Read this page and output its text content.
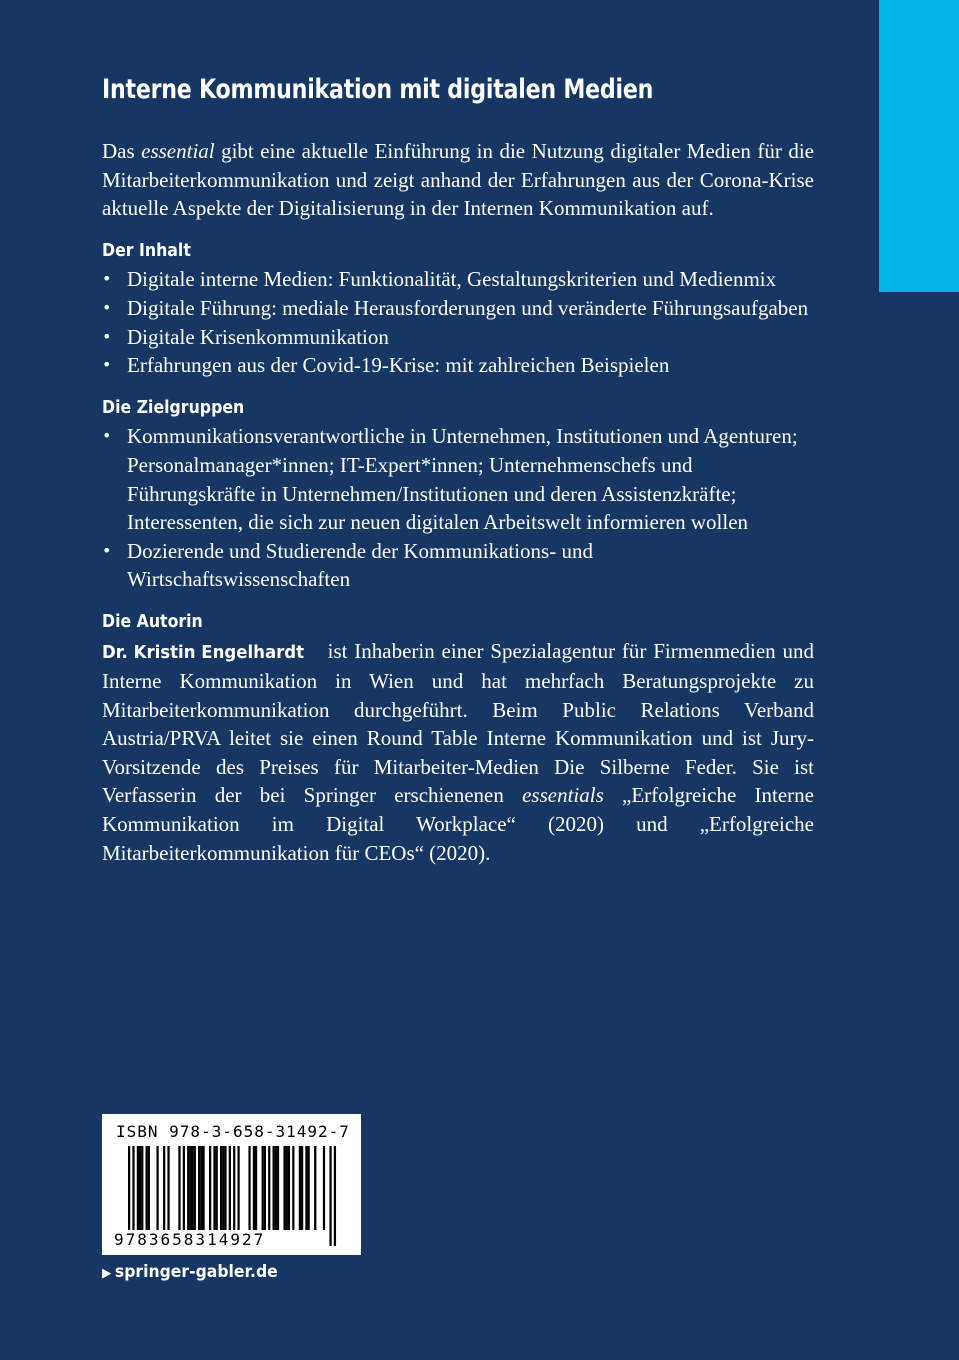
Interne Kommunikation mit digitalen Medien

Das essential gibt eine aktuelle Einführung in die Nutzung digitaler Medien für die Mitarbeiterkommunikation und zeigt anhand der Erfahrungen aus der Corona-Krise aktuelle Aspekte der Digitalisierung in der Internen Kommunikation auf.

Der Inhalt
• Digitale interne Medien: Funktionalität, Gestaltungskriterien und Medienmix
• Digitale Führung: mediale Herausforderungen und veränderte Führungsaufgaben
• Digitale Krisenkommunikation
• Erfahrungen aus der Covid-19-Krise: mit zahlreichen Beispielen
Die Zielgruppen
• Kommunikationsverantwortliche in Unternehmen, Institutionen und Agenturen; Personalmanager*innen; IT-Expert*innen; Unternehmenschefs und Führungskräfte in Unternehmen/Institutionen und deren Assistenzkräfte; Interessenten, die sich zur neuen digitalen Arbeitswelt informieren wollen
• Dozierende und Studierende der Kommunikations- und Wirtschaftswissenschaften
Die Autorin

Dr. Kristin Engelhardt ist Inhaberin einer Spezialagentur für Firmenmedien und Interne Kommunikation in Wien und hat mehrfach Beratungsprojekte zu Mitarbeiterkommunikation durchgeführt. Beim Public Relations Verband Austria/PRVA leitet sie einen Round Table Interne Kommunikation und ist Jury-Vorsitzende des Preises für Mitarbeiter-Medien Die Silberne Feder. Sie ist Verfasserin der bei Springer erschienenen essentials „Erfolgreiche Interne Kommunikation im Digital Workplace“ (2020) und „Erfolgreiche Mitarbeiterkommunikation für CEOs“ (2020).

ISBN 978-3-658-31492-7
9783658314927
▶ springer-gabler.de
